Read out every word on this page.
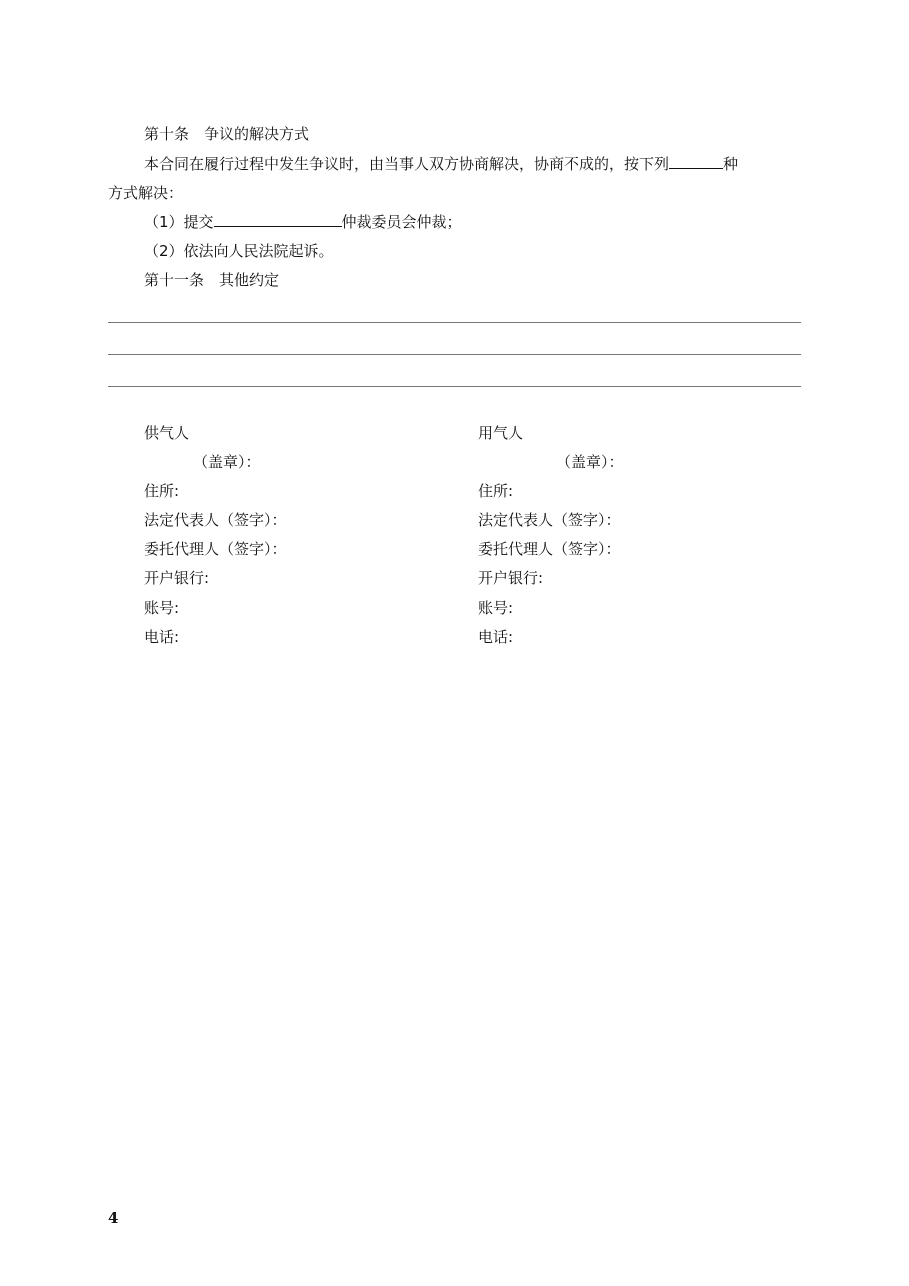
第十条　争议的解决方式
本合同在履行过程中发生争议时，由当事人双方协商解决，协商不成的，按下列	种
方式解决：
（1）提交	仲裁委员会仲裁；
（2）依法向人民法院起诉。
第十一条　其他约定
供气人
（盖章）：
住所:
法定代表人（签字）：
委托代理人（签字）：
开户银行:
账号:
电话:
用气人
（盖章）：
住所:
法定代表人（签字）：
委托代理人（签字）：
开户银行:
账号:
电话:
4
